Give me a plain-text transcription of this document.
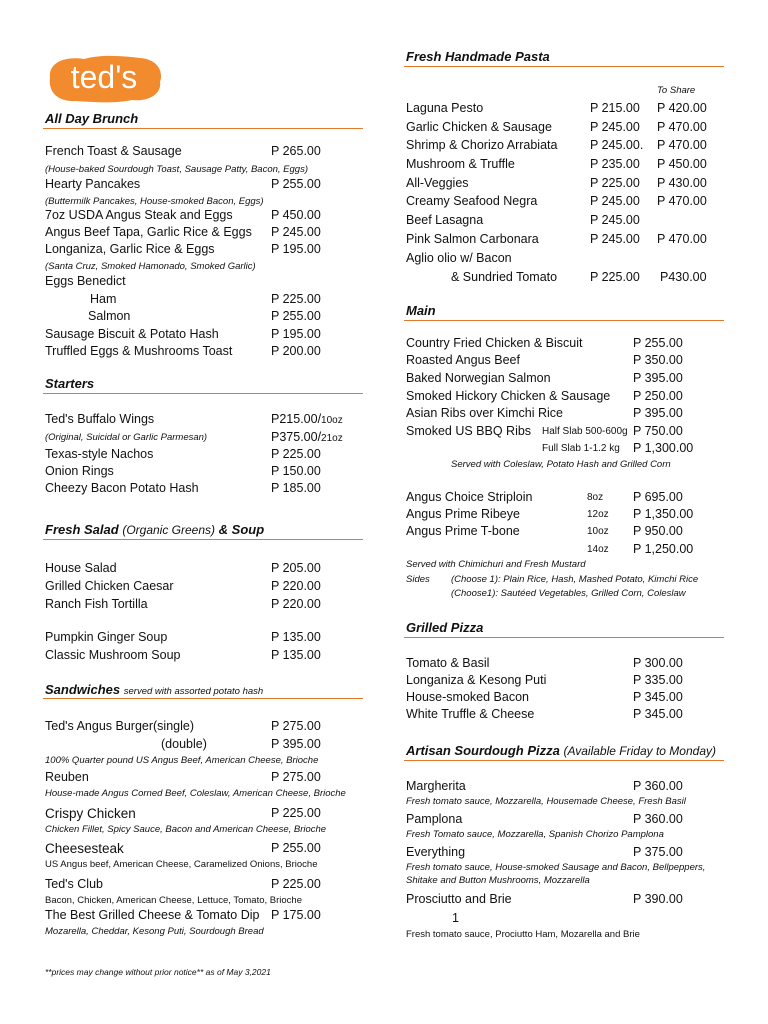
ted's
All Day Brunch
French Toast & Sausage	P 265.00
(House-baked Sourdough Toast, Sausage Patty, Bacon, Eggs)
Hearty Pancakes	P 255.00
(Buttermilk Pancakes, House-smoked Bacon, Eggs)
7oz USDA Angus Steak and Eggs	P 450.00
Angus Beef Tapa, Garlic Rice & Eggs P 245.00
Longaniza, Garlic Rice & Eggs	P 195.00
(Santa Cruz, Smoked Hamonado, Smoked Garlic)
Eggs Benedict
Ham	P 225.00
Salmon	P 255.00
Sausage Biscuit & Potato Hash	P 195.00
Truffled Eggs & Mushrooms Toast	P 200.00
Starters
Ted's Buffalo Wings	P215.00/10oz
(Original, Suicidal or Garlic Parmesan)	P375.00/21oz
Texas-style Nachos	P 225.00
Onion Rings	P 150.00
Cheezy Bacon Potato Hash	P 185.00
Fresh Salad (Organic Greens) & Soup
House Salad	P 205.00
Grilled Chicken Caesar	P 220.00
Ranch Fish Tortilla	P 220.00
Pumpkin Ginger Soup	P 135.00
Classic Mushroom Soup	P 135.00
Sandwiches served with assorted potato hash
Ted's Angus Burger(single)	P 275.00
(double)	P 395.00
100% Quarter pound US Angus Beef, American Cheese, Brioche
Reuben	P 275.00
House-made Angus Corned Beef, Coleslaw, American Cheese, Brioche
Crispy Chicken	P 225.00
Chicken Fillet, Spicy Sauce, Bacon and American Cheese, Brioche
Cheesesteak	P 255.00
US Angus beef, American Cheese, Caramelized Onions, Brioche
Ted's Club	P 225.00
Bacon, Chicken, American Cheese, Lettuce, Tomato, Brioche
The Best Grilled Cheese & Tomato Dip P 175.00
Mozarella, Cheddar, Kesong Puti, Sourdough Bread
**prices may change without prior notice** as of May 3,2021
Fresh Handmade Pasta
To Share
Laguna Pesto	P 215.00 P 420.00
Garlic Chicken & Sausage	P 245.00 P 470.00
Shrimp & Chorizo Arrabiata	P 245.00. P 470.00
Mushroom & Truffle	P 235.00 P 450.00
All-Veggies	P 225.00 P 430.00
Creamy Seafood Negra	P 245.00 P 470.00
Beef Lasagna	P 245.00
Pink Salmon Carbonara	P 245.00 P 470.00
Aglio olio w/ Bacon
& Sundried Tomato	P 225.00 P430.00
Main
Country Fried Chicken & Biscuit	P 255.00
Roasted Angus Beef	P 350.00
Baked Norwegian Salmon	P 395.00
Smoked Hickory Chicken & Sausage P 250.00
Asian Ribs over Kimchi Rice	P 395.00
Smoked US BBQ Ribs Half Slab 500-600g P 750.00
Full Slab 1-1.2 kg P 1,300.00
Served with Coleslaw, Potato Hash and Grilled Corn
Angus Choice Striploin	8oz P 695.00
Angus Prime Ribeye	12oz P 1,350.00
Angus Prime T-bone	10oz P 950.00
14oz P 1,250.00
Served with Chimichuri and Fresh Mustard
Sides (Choose 1): Plain Rice, Hash, Mashed Potato, Kimchi Rice
(Choose1): Sautéed Vegetables, Grilled Corn, Coleslaw
Grilled Pizza
Tomato & Basil	P 300.00
Longaniza & Kesong Puti	P 335.00
House-smoked Bacon	P 345.00
White Truffle & Cheese	P 345.00
Artisan Sourdough Pizza (Available Friday to Monday)
Margherita	P 360.00
Fresh tomato sauce, Mozzarella, Housemade Cheese, Fresh Basil
Pamplona	P 360.00
Fresh Tomato sauce, Mozzarella, Spanish Chorizo Pamplona
Everything	P 375.00
Fresh tomato sauce, House-smoked Sausage and Bacon, Bellpeppers,
Shitake and Button Mushrooms, Mozzarella
Prosciutto and Brie	P 390.00
1
Fresh tomato sauce, Prociutto Ham, Mozarella and Brie
